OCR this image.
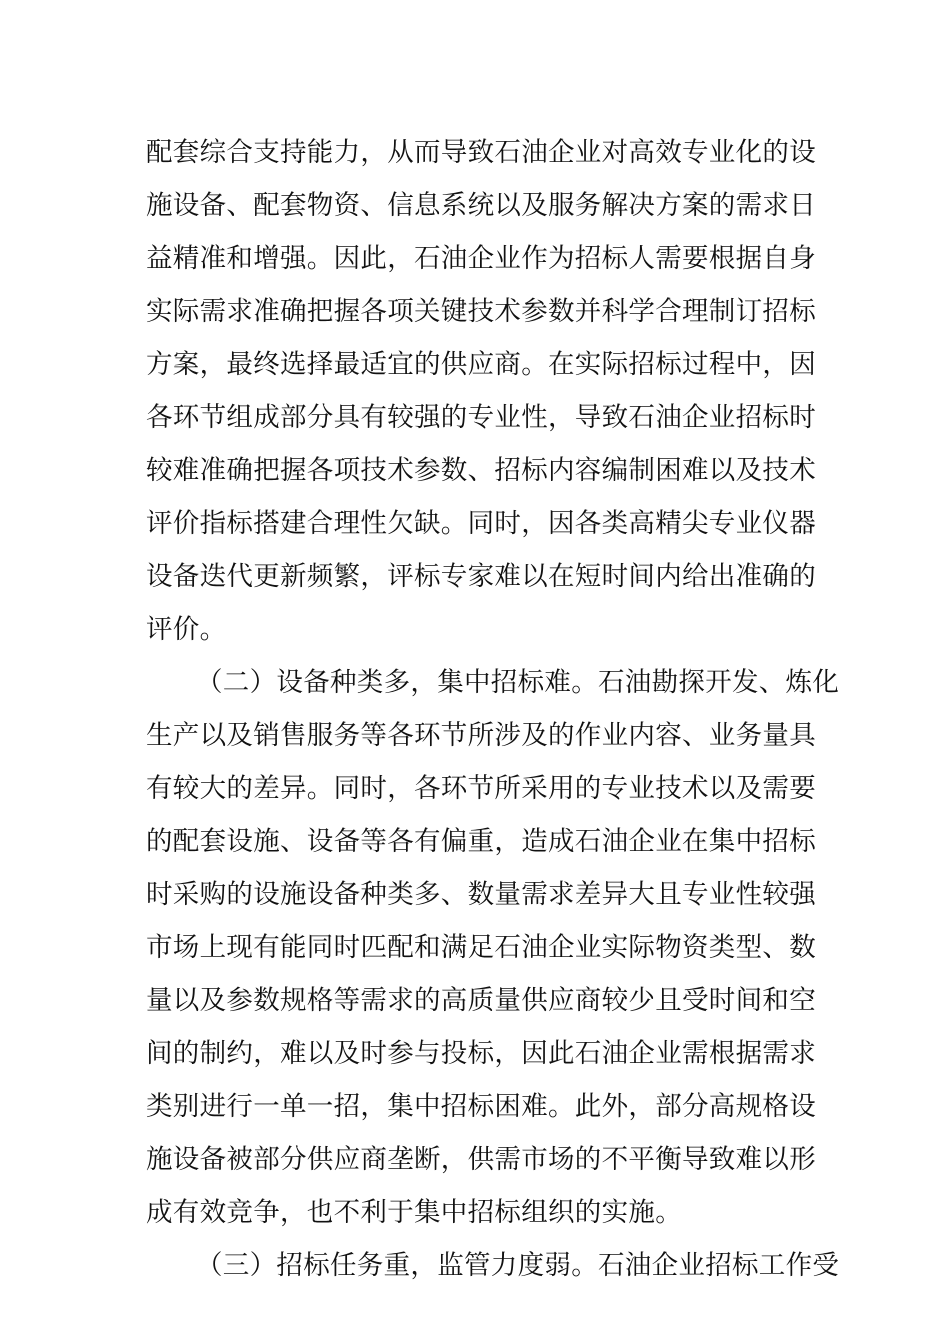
配套综合支持能力，从而导致石油企业对高效专业化的设

施设备、配套物资、信息系统以及服务解决方案的需求日

益精准和增强。因此，石油企业作为招标人需要根据自身

实际需求准确把握各项关键技术参数并科学合理制订招标

方案，最终选择最适宜的供应商。在实际招标过程中，因

各环节组成部分具有较强的专业性，导致石油企业招标时

较难准确把握各项技术参数、招标内容编制困难以及技术

评价指标搭建合理性欠缺。同时，因各类高精尖专业仪器

设备迭代更新频繁，评标专家难以在短时间内给出准确的

评价。

（二）设备种类多，集中招标难。石油勘探开发、炼化

生产以及销售服务等各环节所涉及的作业内容、业务量具

有较大的差异。同时，各环节所采用的专业技术以及需要

的配套设施、设备等各有偏重，造成石油企业在集中招标

时采购的设施设备种类多、数量需求差异大且专业性较强

市场上现有能同时匹配和满足石油企业实际物资类型、数

量以及参数规格等需求的高质量供应商较少且受时间和空

间的制约，难以及时参与投标，因此石油企业需根据需求

类别进行一单一招，集中招标困难。此外，部分高规格设

施设备被部分供应商垄断，供需市场的不平衡导致难以形

成有效竞争，也不利于集中招标组织的实施。

（三）招标任务重，监管力度弱。石油企业招标工作受
